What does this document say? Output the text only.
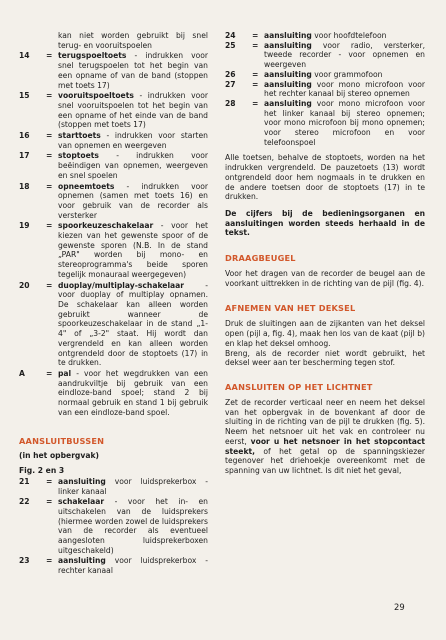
kan niet worden gebruikt bij snel terug- en vooruitspoelen

14	= terugspoeltoets - indrukken voor snel terugspoelen tot het begin van een opname of van de band (stoppen met toets 17)
15	= vooruitspoeltoets - indrukken voor snel vooruitspoelen tot het begin van een opname of het einde van de band (stoppen met toets 17)
16	= starttoets - indrukken voor starten van opnemen en weergeven
17	= stoptoets - indrukken voor beëindigen van opnemen, weergeven en snel spoelen
18	= opneemtoets - indrukken voor opnemen (samen met toets 16) en voor gebruik van de recorder als versterker
19	= spoorkeuzeschakelaar - voor het kiezen van het gewenste spoor of de gewenste sporen (N.B. In de stand „PAR" worden bij mono- en stereoprogramma's beide sporen tegelijk monauraal weergegeven)
20	= duoplay/multiplay-schakelaar - voor duoplay of multiplay opnamen. De schakelaar kan alleen worden gebruikt wanneer de spoorkeuzeschakelaar in de stand „1-4" of „3-2" staat. Hij wordt dan vergrendeld en kan alleen worden ontgrendeld door de stoptoets (17) in te drukken.
A	= pal - voor het wegdrukken van een aandrukviltje bij gebruik van een eindloze-band spoel; stand 2 bij normaal gebruik en stand 1 bij gebruik van een eindloze-band spoel.

AANSLUITBUSSEN

(in het opbergvak)

Fig. 2 en 3

21	= aansluiting voor luidsprekerbox - linker kanaal
22	= schakelaar - voor het in- en uitschakelen van de luidsprekers (hiermee worden zowel de luidsprekers van de recorder als eventueel aangesloten luidsprekerboxen uitgeschakeld)
23	= aansluiting voor luidsprekerbox - rechter kanaal
24	= aansluiting voor hoofdtelefoon
25	= aansluiting voor radio, versterker, tweede recorder - voor opnemen en weergeven
26	= aansluiting voor grammofoon
27	= aansluiting voor mono microfoon voor het rechter kanaal bij stereo opnemen
28	= aansluiting voor mono microfoon voor het linker kanaal bij stereo opnemen; voor mono microfoon bij mono opnemen; voor stereo microfoon en voor telefoonspoel

Alle toetsen, behalve de stoptoets, worden na het indrukken vergrendeld. De pauzetoets (13) wordt ontgrendeld door hem nogmaals in te drukken en de andere toetsen door de stoptoets (17) in te drukken.

De cijfers bij de bedieningsorganen en aansluitingen worden steeds herhaald in de tekst.

DRAAGBEUGEL

Voor het dragen van de recorder de beugel aan de voorkant uittrekken in de richting van de pijl (fig. 4).

AFNEMEN VAN HET DEKSEL

Druk de sluitingen aan de zijkanten van het deksel open (pijl a, fig. 4), maak hen los van de kaat (pijl b) en klap het deksel omhoog.

Breng, als de recorder niet wordt gebruikt, het deksel weer aan ter bescherming tegen stof.

AANSLUITEN OP HET LICHTNET

Zet de recorder verticaal neer en neem het deksel van het opbergvak in de bovenkant af door de sluiting in de richting van de pijl te drukken (fig. 5). Neem het netsnoer uit het vak en controleer nu eerst, voor u het netsnoer in het stopcontact steekt, of het getal op de spanningskiezer tegenover het driehoekje overeenkomt met de spanning van uw lichtnet. Is dit niet het geval,

29
